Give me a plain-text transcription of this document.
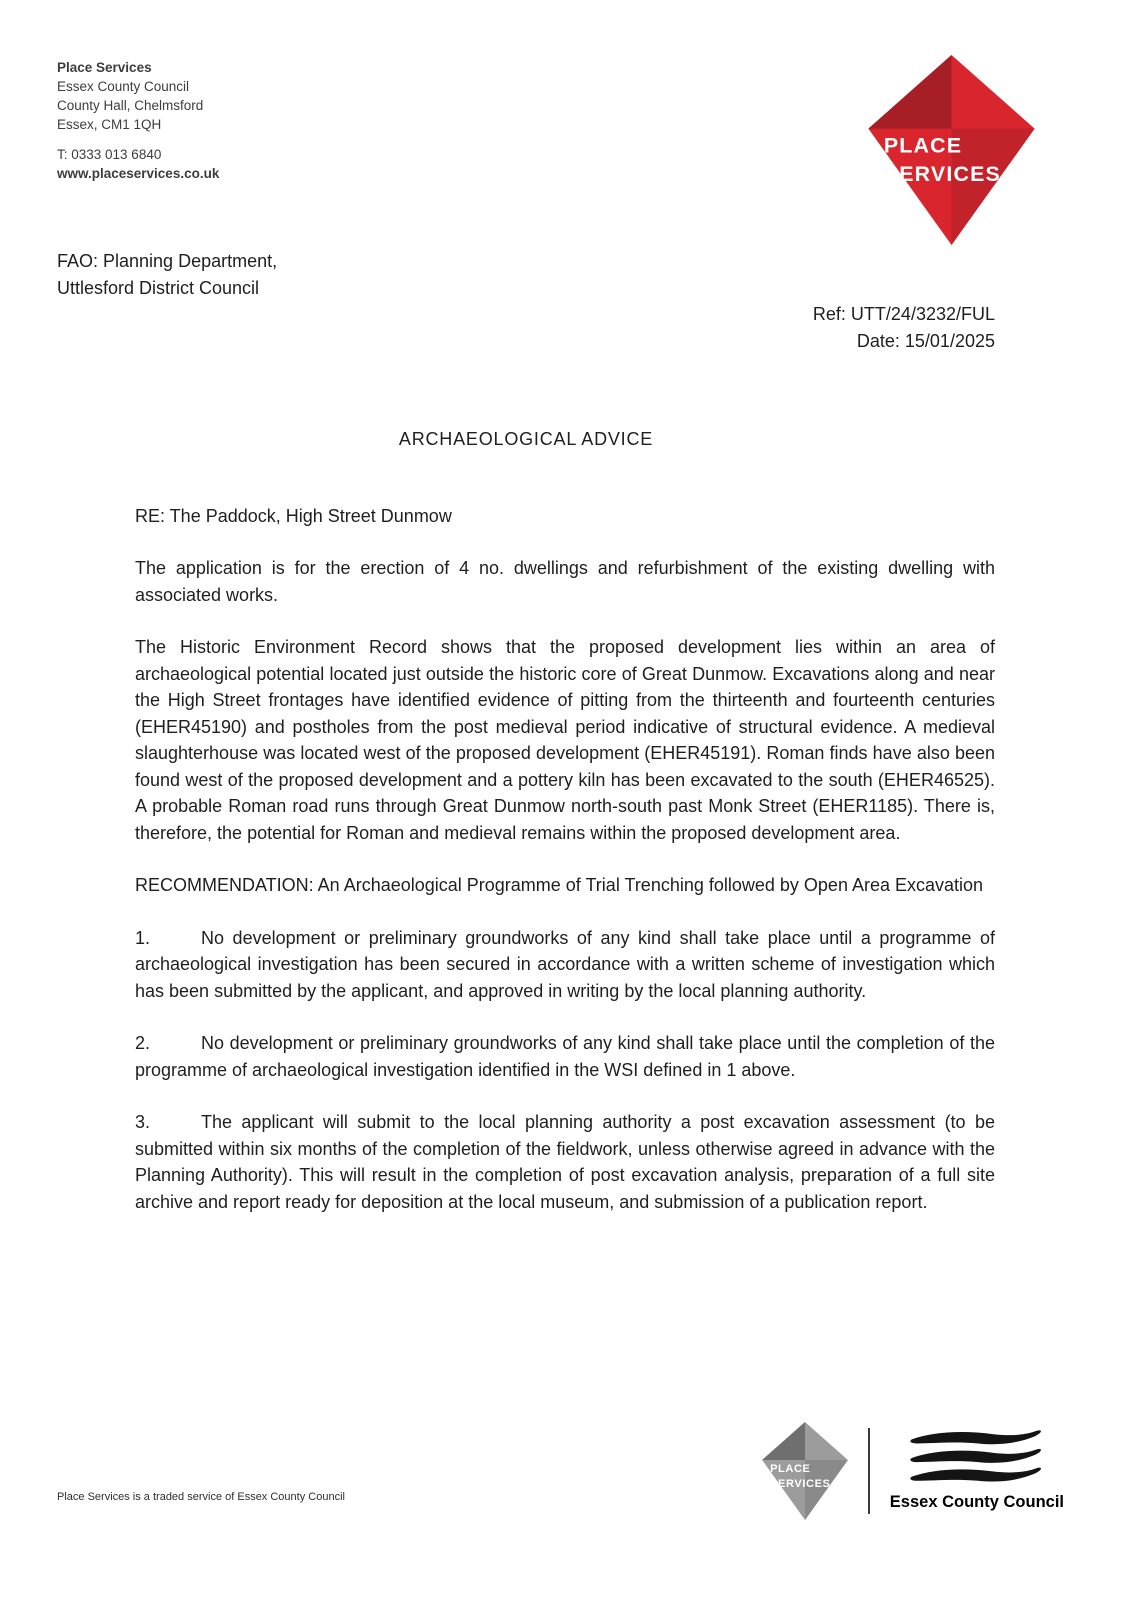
Place Services
Essex County Council
County Hall, Chelmsford
Essex, CM1 1QH
T: 0333 013 6840
www.placeservices.co.uk
PLACE
SERVICES
FAO: Planning Department,
Uttlesford District Council
Ref: UTT/24/3232/FUL
Date: 15/01/2025
ARCHAEOLOGICAL ADVICE
RE: The Paddock, High Street Dunmow

The application is for the erection of 4 no. dwellings and refurbishment of the existing dwelling with associated works.

The Historic Environment Record shows that the proposed development lies within an area of archaeological potential located just outside the historic core of Great Dunmow. Excavations along and near the High Street frontages have identified evidence of pitting from the thirteenth and fourteenth centuries (EHER45190) and postholes from the post medieval period indicative of structural evidence. A medieval slaughterhouse was located west of the proposed development (EHER45191). Roman finds have also been found west of the proposed development and a pottery kiln has been excavated to the south (EHER46525). A probable Roman road runs through Great Dunmow north-south past Monk Street (EHER1185). There is, therefore, the potential for Roman and medieval remains within the proposed development area.

RECOMMENDATION: An Archaeological Programme of Trial Trenching followed by Open Area Excavation

1.	No development or preliminary groundworks of any kind shall take place until a programme of archaeological investigation has been secured in accordance with a written scheme of investigation which has been submitted by the applicant, and approved in writing by the local planning authority.

2.	No development or preliminary groundworks of any kind shall take place until the completion of the programme of archaeological investigation identified in the WSI defined in 1 above.

3.	The applicant will submit to the local planning authority a post excavation assessment (to be submitted within six months of the completion of the fieldwork, unless otherwise agreed in advance with the Planning Authority). This will result in the completion of post excavation analysis, preparation of a full site archive and report ready for deposition at the local museum, and submission of a publication report.

Place Services is a traded service of Essex County Council
PLACE
SERVICES
Essex County Council
